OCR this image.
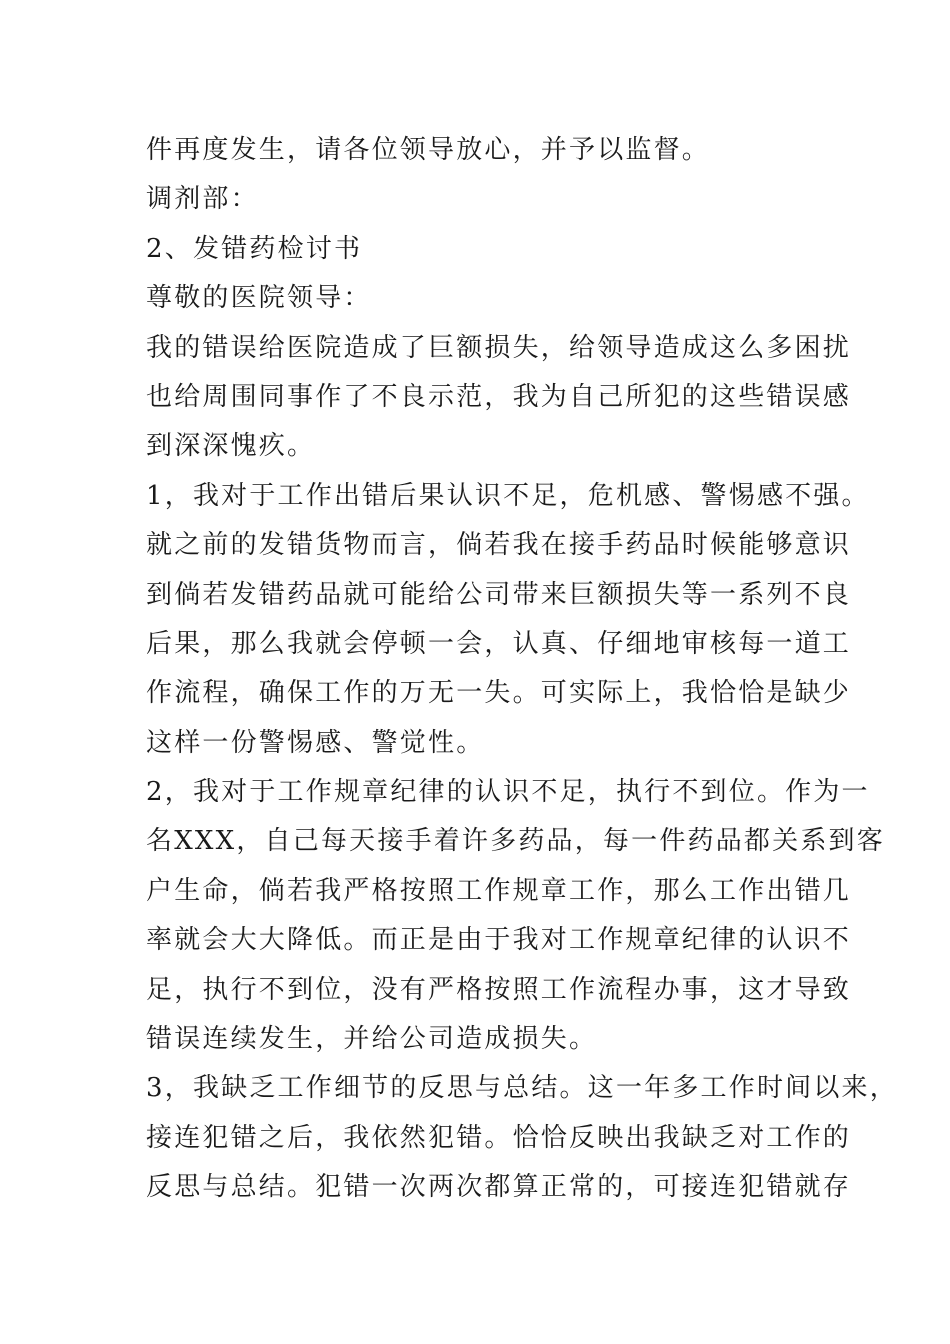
件再度发生，请各位领导放心，并予以监督。
调剂部：
2、发错药检讨书
尊敬的医院领导：
我的错误给医院造成了巨额损失，给领导造成这么多困扰
也给周围同事作了不良示范，我为自己所犯的这些错误感
到深深愧疚。
1，我对于工作出错后果认识不足，危机感、警惕感不强。
就之前的发错货物而言，倘若我在接手药品时候能够意识
到倘若发错药品就可能给公司带来巨额损失等一系列不良
后果，那么我就会停顿一会，认真、仔细地审核每一道工
作流程，确保工作的万无一失。可实际上，我恰恰是缺少
这样一份警惕感、警觉性。
2，我对于工作规章纪律的认识不足，执行不到位。作为一
名XXX，自己每天接手着许多药品，每一件药品都关系到客
户生命，倘若我严格按照工作规章工作，那么工作出错几
率就会大大降低。而正是由于我对工作规章纪律的认识不
足，执行不到位，没有严格按照工作流程办事，这才导致
错误连续发生，并给公司造成损失。
3，我缺乏工作细节的反思与总结。这一年多工作时间以来，
接连犯错之后，我依然犯错。恰恰反映出我缺乏对工作的
反思与总结。犯错一次两次都算正常的，可接连犯错就存
